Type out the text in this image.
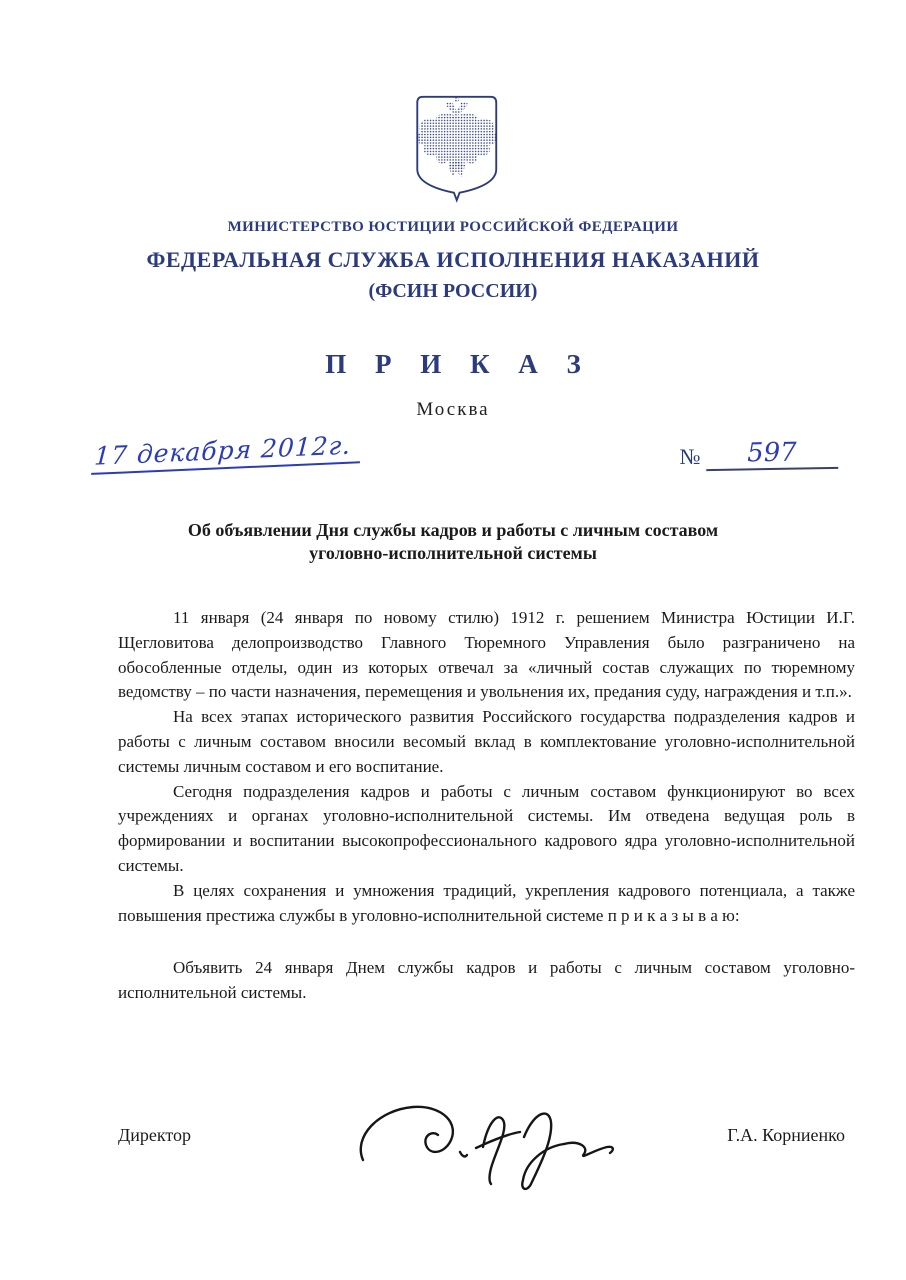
МИНИСТЕРСТВО ЮСТИЦИИ РОССИЙСКОЙ ФЕДЕРАЦИИ
ФЕДЕРАЛЬНАЯ СЛУЖБА ИСПОЛНЕНИЯ НАКАЗАНИЙ
(ФСИН РОССИИ)
П Р И К А З
Москва
17 декабря 2012г.	№ 597
Об объявлении Дня службы кадров и работы с личным составом
уголовно-исполнительной системы

11 января (24 января по новому стилю) 1912 г. решением Министра Юстиции И.Г. Щегловитова делопроизводство Главного Тюремного Управления было разграничено на обособленные отделы, один из которых отвечал за «личный состав служащих по тюремному ведомству – по части назначения, перемещения и увольнения их, предания суду, награждения и т.п.».

На всех этапах исторического развития Российского государства подразделения кадров и работы с личным составом вносили весомый вклад в комплектование уголовно-исполнительной системы личным составом и его воспитание.

Сегодня подразделения кадров и работы с личным составом функционируют во всех учреждениях и органах уголовно-исполнительной системы. Им отведена ведущая роль в формировании и воспитании высокопрофессионального кадрового ядра уголовно-исполнительной системы.

В целях сохранения и умножения традиций, укрепления кадрового потенциала, а также повышения престижа службы в уголовно-исполнительной системе п р и к а з ы в а ю:

Объявить 24 января Днем службы кадров и работы с личным составом уголовно-исполнительной системы.

Директор	Г.А. Корниенко
